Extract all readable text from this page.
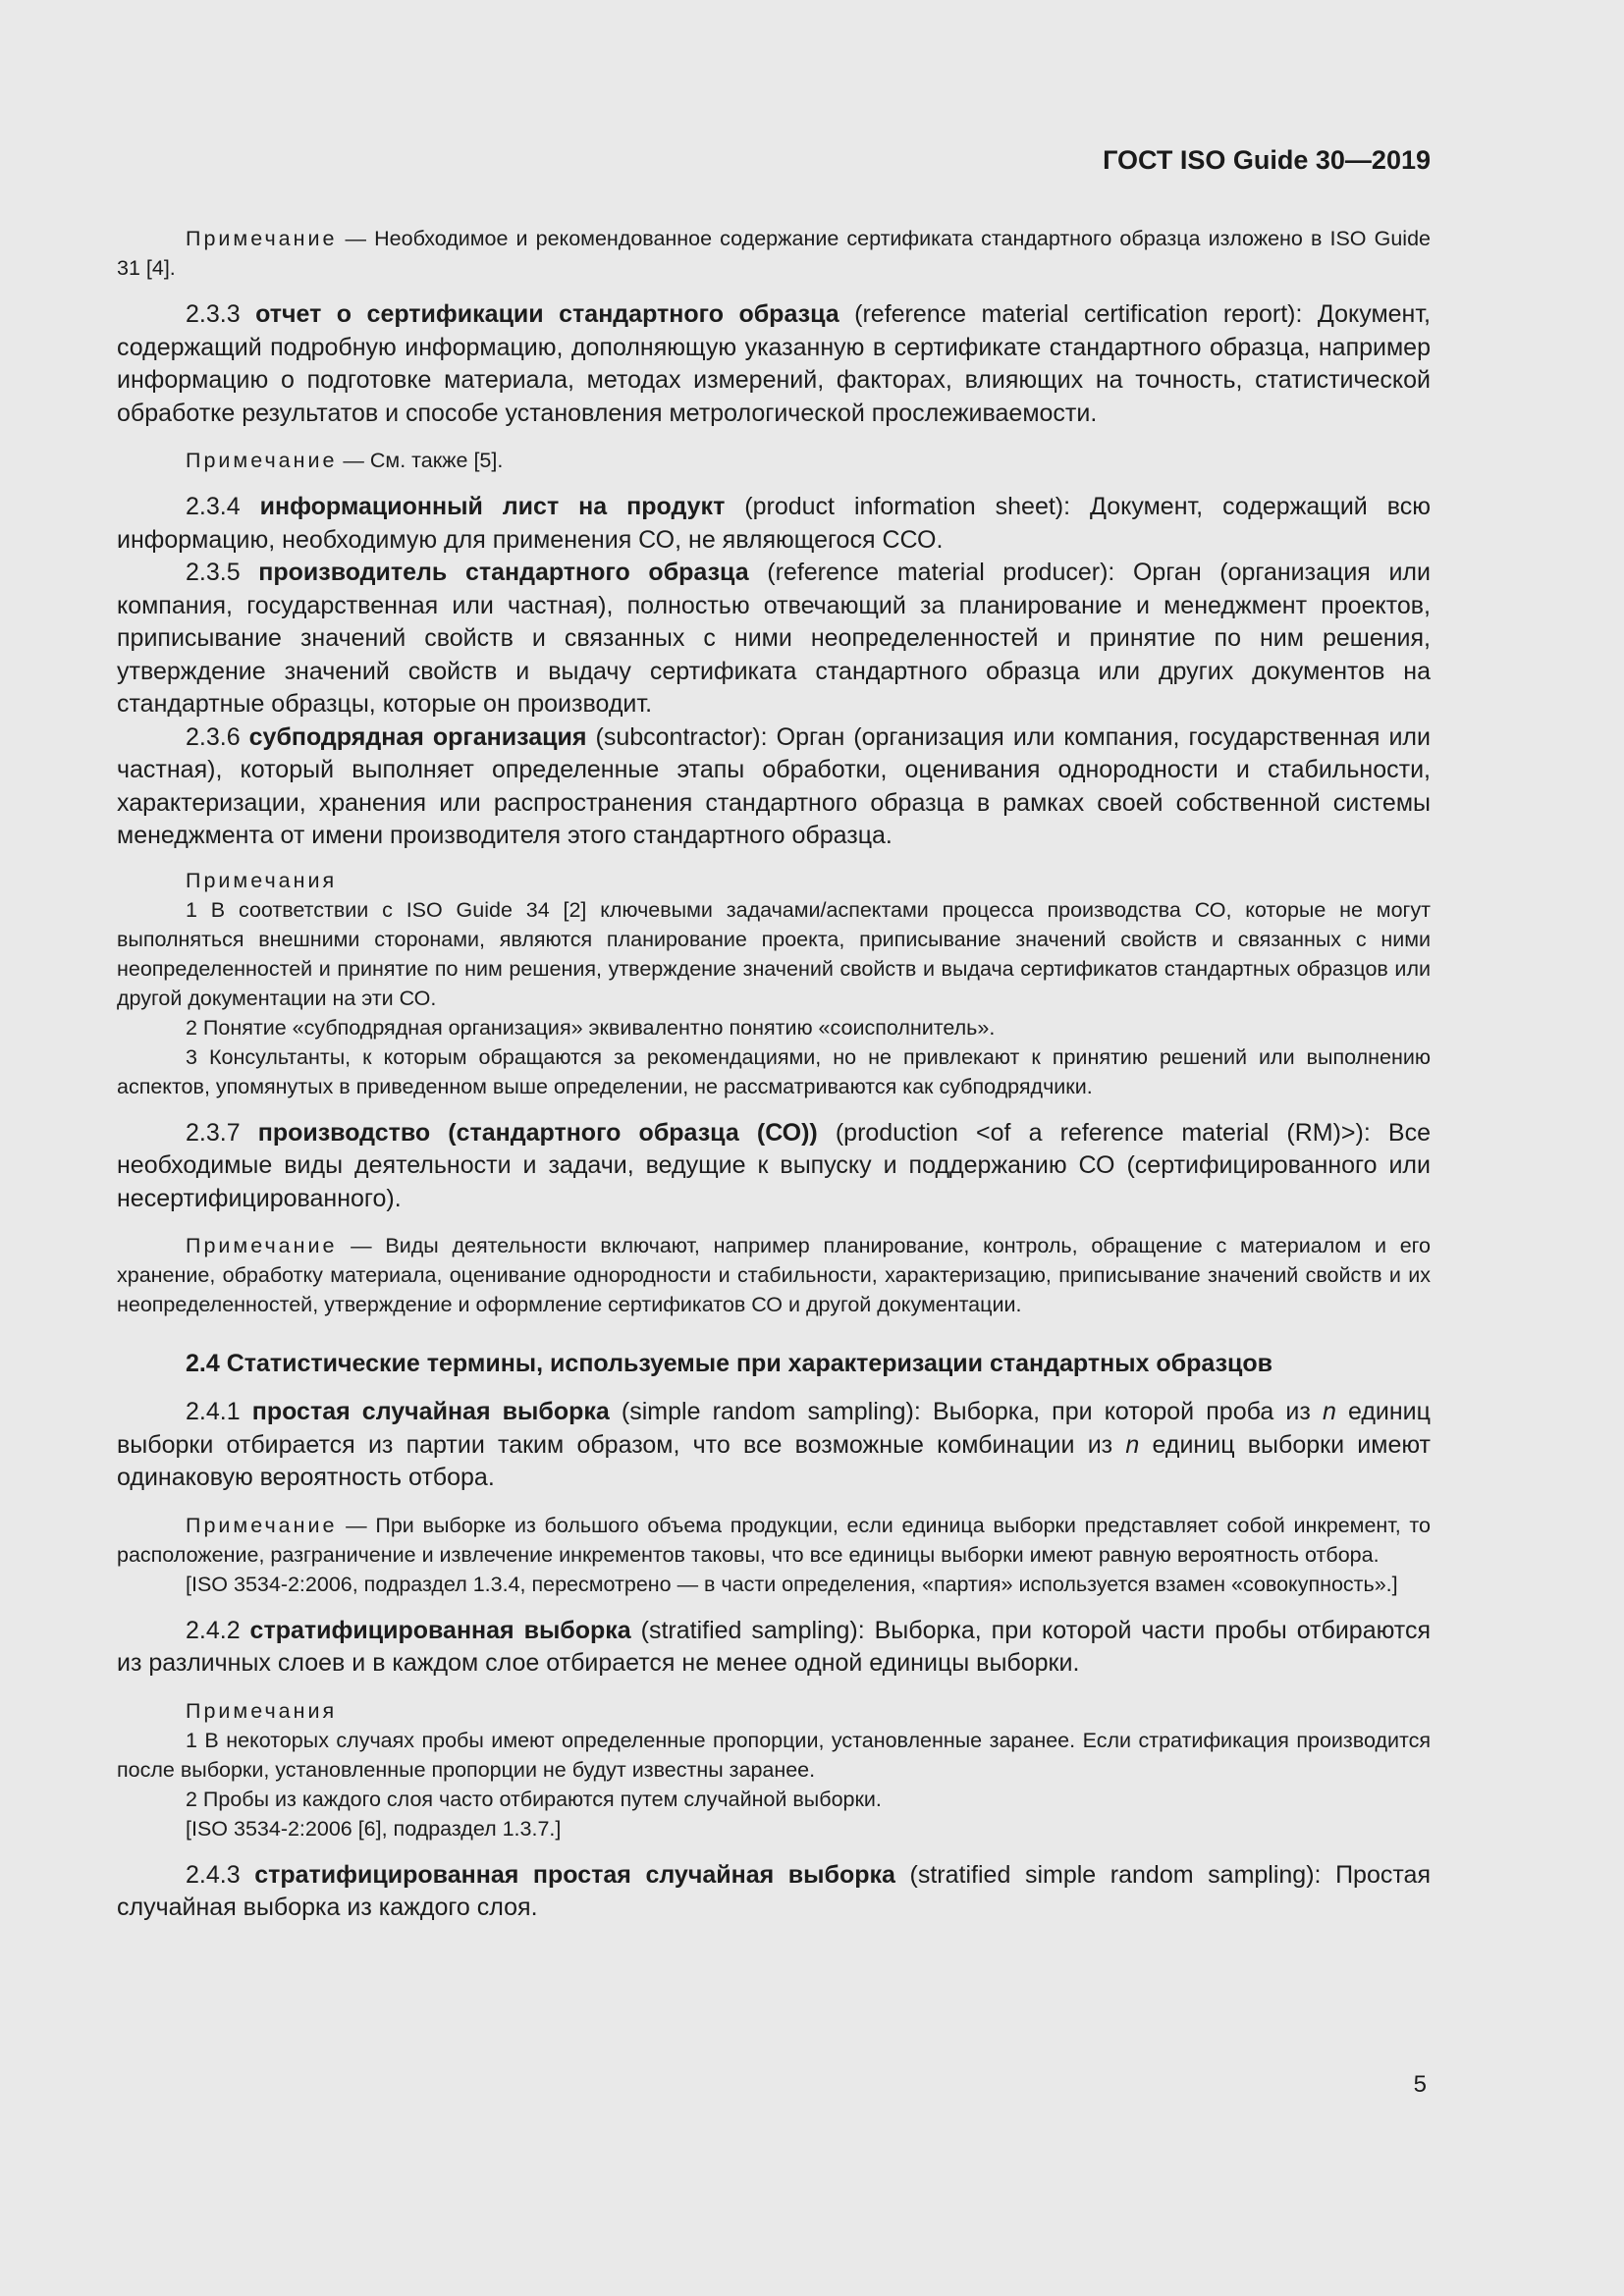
ГОСТ ISO Guide 30—2019

Примечание — Необходимое и рекомендованное содержание сертификата стандартного образца изложено в ISO Guide 31 [4].

2.3.3 отчет о сертификации стандартного образца (reference material certification report): Документ, содержащий подробную информацию, дополняющую указанную в сертификате стандартного образца, например информацию о подготовке материала, методах измерений, факторах, влияющих на точность, статистической обработке результатов и способе установления метрологической прослеживаемости.

Примечание — См. также [5].

2.3.4 информационный лист на продукт (product information sheet): Документ, содержащий всю информацию, необходимую для применения СО, не являющегося ССО.

2.3.5 производитель стандартного образца (reference material producer): Орган (организация или компания, государственная или частная), полностью отвечающий за планирование и менеджмент проектов, приписывание значений свойств и связанных с ними неопределенностей и принятие по ним решения, утверждение значений свойств и выдачу сертификата стандартного образца или других документов на стандартные образцы, которые он производит.

2.3.6 субподрядная организация (subcontractor): Орган (организация или компания, государственная или частная), который выполняет определенные этапы обработки, оценивания однородности и стабильности, характеризации, хранения или распространения стандартного образца в рамках своей собственной системы менеджмента от имени производителя этого стандартного образца.

Примечания

1 В соответствии с ISO Guide 34 [2] ключевыми задачами/аспектами процесса производства СО, которые не могут выполняться внешними сторонами, являются планирование проекта, приписывание значений свойств и связанных с ними неопределенностей и принятие по ним решения, утверждение значений свойств и выдача сертификатов стандартных образцов или другой документации на эти СО.

2 Понятие «субподрядная организация» эквивалентно понятию «соисполнитель».

3 Консультанты, к которым обращаются за рекомендациями, но не привлекают к принятию решений или выполнению аспектов, упомянутых в приведенном выше определении, не рассматриваются как субподрядчики.

2.3.7 производство (стандартного образца (СО)) (production <of a reference material (RM)>): Все необходимые виды деятельности и задачи, ведущие к выпуску и поддержанию СО (сертифицированного или несертифицированного).

Примечание — Виды деятельности включают, например планирование, контроль, обращение с материалом и его хранение, обработку материала, оценивание однородности и стабильности, характеризацию, приписывание значений свойств и их неопределенностей, утверждение и оформление сертификатов СО и другой документации.

2.4 Статистические термины, используемые при характеризации стандартных образцов

2.4.1 простая случайная выборка (simple random sampling): Выборка, при которой проба из n единиц выборки отбирается из партии таким образом, что все возможные комбинации из n единиц выборки имеют одинаковую вероятность отбора.

Примечание — При выборке из большого объема продукции, если единица выборки представляет собой инкремент, то расположение, разграничение и извлечение инкрементов таковы, что все единицы выборки имеют равную вероятность отбора.

[ISO 3534-2:2006, подраздел 1.3.4, пересмотрено — в части определения, «партия» используется взамен «совокупность».]

2.4.2 стратифицированная выборка (stratified sampling): Выборка, при которой части пробы отбираются из различных слоев и в каждом слое отбирается не менее одной единицы выборки.

Примечания

1 В некоторых случаях пробы имеют определенные пропорции, установленные заранее. Если стратификация производится после выборки, установленные пропорции не будут известны заранее.

2 Пробы из каждого слоя часто отбираются путем случайной выборки.

[ISO 3534-2:2006 [6], подраздел 1.3.7.]

2.4.3 стратифицированная простая случайная выборка (stratified simple random sampling): Простая случайная выборка из каждого слоя.

5
